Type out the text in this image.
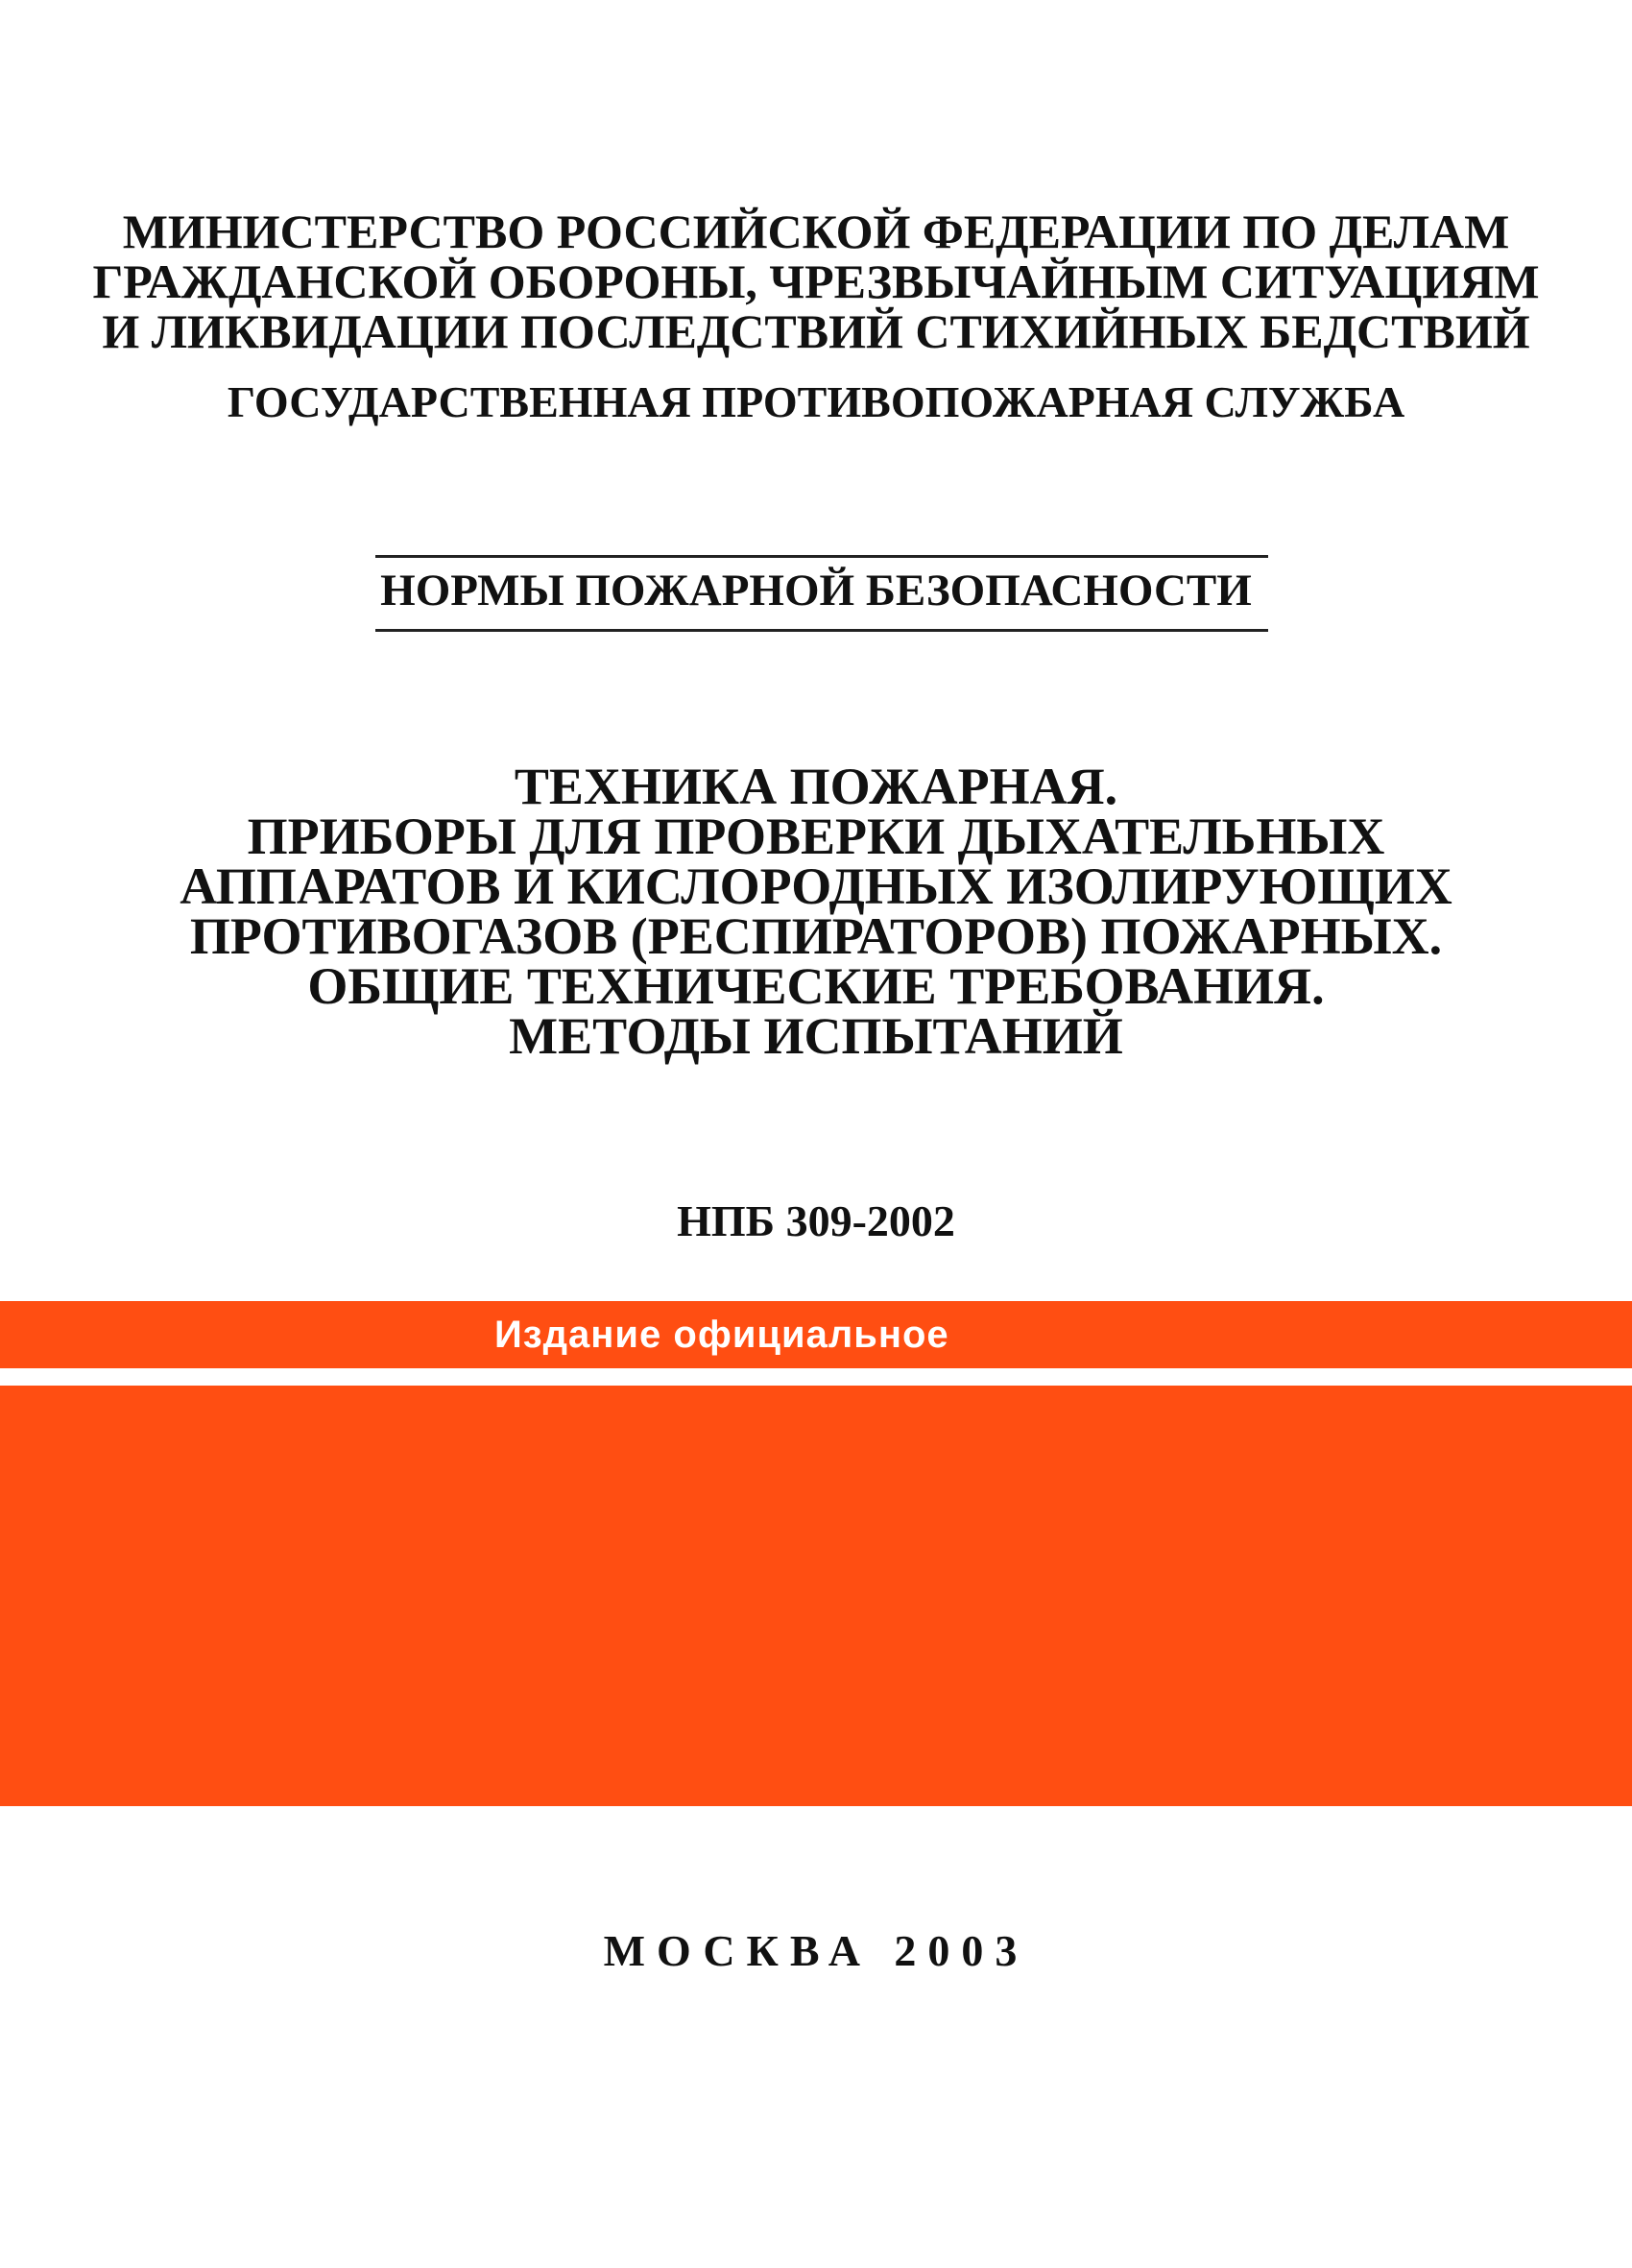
МИНИСТЕРСТВО РОССИЙСКОЙ ФЕДЕРАЦИИ ПО ДЕЛАМ
ГРАЖДАНСКОЙ ОБОРОНЫ, ЧРЕЗВЫЧАЙНЫМ СИТУАЦИЯМ
И ЛИКВИДАЦИИ ПОСЛЕДСТВИЙ СТИХИЙНЫХ БЕДСТВИЙ
ГОСУДАРСТВЕННАЯ ПРОТИВОПОЖАРНАЯ СЛУЖБА
НОРМЫ ПОЖАРНОЙ БЕЗОПАСНОСТИ
ТЕХНИКА ПОЖАРНАЯ.
ПРИБОРЫ ДЛЯ ПРОВЕРКИ ДЫХАТЕЛЬНЫХ
АППАРАТОВ И КИСЛОРОДНЫХ ИЗОЛИРУЮЩИХ
ПРОТИВОГАЗОВ (РЕСПИРАТОРОВ) ПОЖАРНЫХ.
ОБЩИЕ ТЕХНИЧЕСКИЕ ТРЕБОВАНИЯ.
МЕТОДЫ ИСПЫТАНИЙ
НПБ 309-2002
Издание официальное
МОСКВА 2003
